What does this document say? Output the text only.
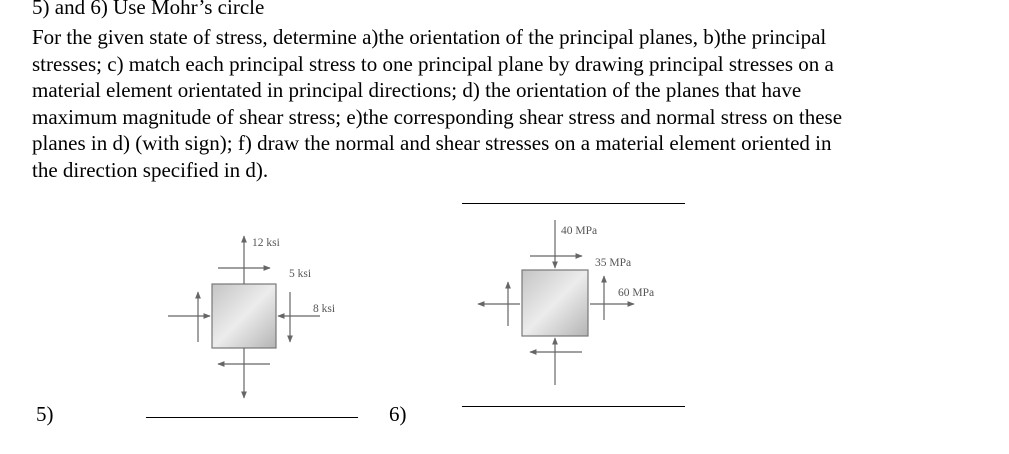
5) and 6) Use Mohr’s circle
For the given state of stress, determine a)the orientation of the principal planes, b)the principal
stresses; c) match each principal stress to one principal plane by drawing principal stresses on a
material element orientated in principal directions; d) the orientation of the planes that have
maximum magnitude of shear stress; e)the corresponding shear stress and normal stress on these
planes in d) (with sign); f) draw the normal and shear stresses on a material element oriented in
the direction specified in d).
5)	6)
12 ksi
5 ksi
8 ksi
40 MPa
35 MPa
60 MPa
